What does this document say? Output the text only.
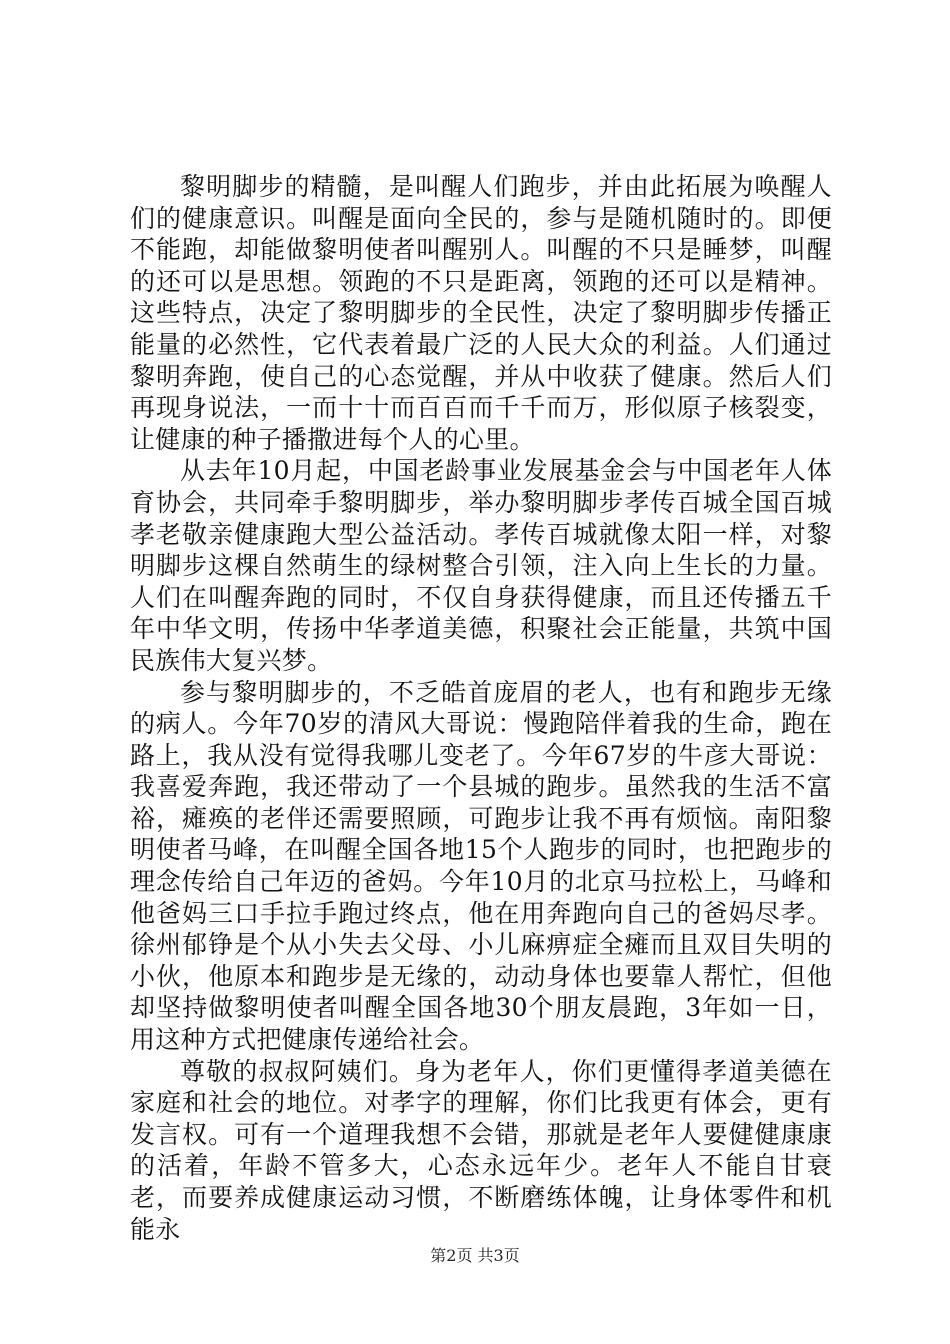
黎明脚步的精髓，是叫醒人们跑步，并由此拓展为唤醒人们的健康意识。叫醒是面向全民的，参与是随机随时的。即便不能跑，却能做黎明使者叫醒别人。叫醒的不只是睡梦，叫醒的还可以是思想。领跑的不只是距离，领跑的还可以是精神。这些特点，决定了黎明脚步的全民性，决定了黎明脚步传播正能量的必然性，它代表着最广泛的人民大众的利益。人们通过黎明奔跑，使自己的心态觉醒，并从中收获了健康。然后人们再现身说法，一而十十而百百而千千而万，形似原子核裂变，让健康的种子播撒进每个人的心里。

从去年10月起，中国老龄事业发展基金会与中国老年人体育协会，共同牵手黎明脚步，举办黎明脚步孝传百城全国百城孝老敬亲健康跑大型公益活动。孝传百城就像太阳一样，对黎明脚步这棵自然萌生的绿树整合引领，注入向上生长的力量。人们在叫醒奔跑的同时，不仅自身获得健康，而且还传播五千年中华文明，传扬中华孝道美德，积聚社会正能量，共筑中国民族伟大复兴梦。

参与黎明脚步的，不乏皓首庞眉的老人，也有和跑步无缘的病人。今年70岁的清风大哥说：慢跑陪伴着我的生命，跑在路上，我从没有觉得我哪儿变老了。今年67岁的牛彦大哥说：我喜爱奔跑，我还带动了一个县城的跑步。虽然我的生活不富裕，瘫痪的老伴还需要照顾，可跑步让我不再有烦恼。南阳黎明使者马峰，在叫醒全国各地15个人跑步的同时，也把跑步的理念传给自己年迈的爸妈。今年10月的北京马拉松上，马峰和他爸妈三口手拉手跑过终点，他在用奔跑向自己的爸妈尽孝。徐州郁铮是个从小失去父母、小儿麻痹症全瘫而且双目失明的小伙，他原本和跑步是无缘的，动动身体也要靠人帮忙，但他却坚持做黎明使者叫醒全国各地30个朋友晨跑，3年如一日，用这种方式把健康传递给社会。

尊敬的叔叔阿姨们。身为老年人，你们更懂得孝道美德在家庭和社会的地位。对孝字的理解，你们比我更有体会，更有发言权。可有一个道理我想不会错，那就是老年人要健健康康的活着，年龄不管多大，心态永远年少。老年人不能自甘衰老，而要养成健康运动习惯，不断磨练体魄，让身体零件和机能永

第2页 共3页
